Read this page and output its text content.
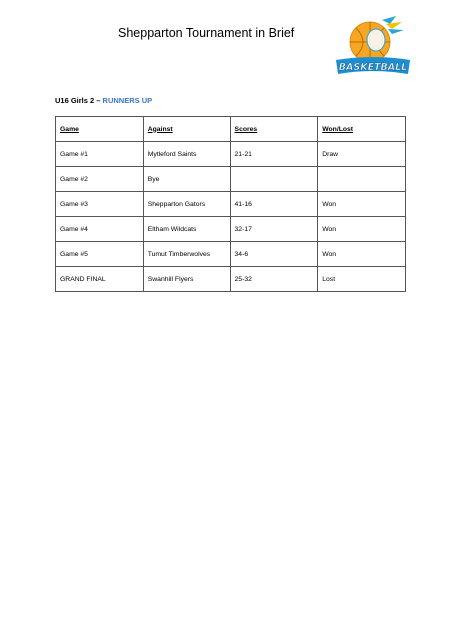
Shepparton Tournament in Brief
BASKETBALL
U16 Girls 2 – RUNNERS UP
Game	Against	Scores	Won/Lost
Game #1	Mytleford Saints	21-21	Draw
Game #2	Bye		
Game #3	Shepparton Gators	41-16	Won
Game #4	Eltham Wildcats	32-17	Won
Game #5	Tumut Timberwolves	34-6	Won
GRAND FINAL	Swanhill Flyers	25-32	Lost
